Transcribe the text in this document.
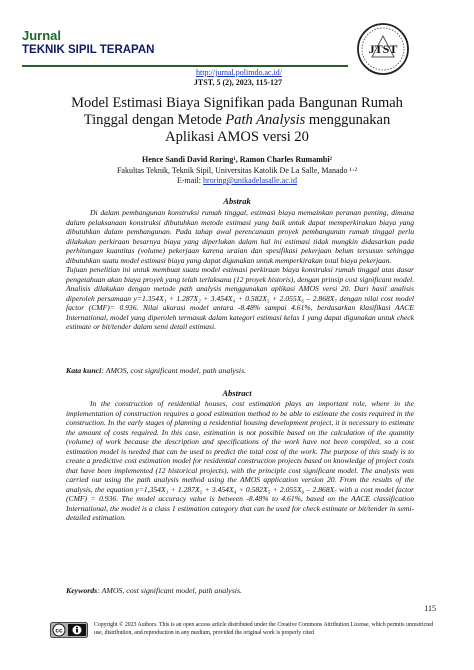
Jurnal
TEKNIK SIPIL TERAPAN	JTST
http://jurnal.polimdo.ac.id/
JTST, 5 (2), 2023, 115-127
Model Estimasi Biaya Signifikan pada Bangunan Rumah
Tinggal dengan Metode Path Analysis menggunakan
Aplikasi AMOS versi 20
Hence Sandi David Roring¹, Ramon Charles Rumambi²
Fakultas Teknik, Teknik Sipil, Universitas Katolik De La Salle, Manado ¹·²
E-mail: hroring@unikadelasalle.ac.id
Abstrak

Di dalam pembangunan konstruksi rumah tinggal, estimasi biaya memainkan peranan penting, dimana dalam pelaksanaan konstruksi dibutuhkan metode estimasi yang baik untuk dapat memperkirakan biaya yang dibutuhkan dalam pembangunan. Pada tahap awal perencanaan proyek pembangunan rumah tinggal perlu dilakukan perkiraan besarnya biaya yang diperlukan dalam hal ini estimasi tidak mungkin didasarkan pada perhitungan kuantitas (volume) pekerjaan karena uraian dan spesifikasi pekerjaan belum tersusun sehingga dibutuhkan suatu model estimasi biaya yang dapat digunakan untuk memperkirakan total biaya pekerjaan.

Tujuan penelitian ini untuk membuat suatu model estimasi perkiraan biaya konstruksi rumah tinggal atas dasar pengetahuan akan biaya proyek yang telah terlaksana (12 proyek historis), dengan prinsip cost significant model. Analisis dilakukan dengan metode path analysis menggunakan aplikasi AMOS versi 20. Dari hasil analisis diperoleh persamaan y=1.354X₁ + 1.287X₂ + 3.454X₄ + 0.582X₅ + 2.055X₆ – 2.868X₇ dengan nilai cost model factor (CMF)= 0.936. Nilai akurasi model antara -8.48% sampai 4.61%, berdasarkan klasifikasi AACE International, model yang diperoleh termasuk dalam kategori estimasi kelas 1 yang dapat digunakan untuk check estimate or bit/tender dalam semi detail estimasi.

Kata kunci: AMOS, cost significant model, path analysis.
Abstract

In the construction of residential houses, cost estimation plays an important role, where in the implementation of construction requires a good estimation method to be able to estimate the costs required in the construction. In the early stages of planning a residential housing development project, it is necessary to estimate the amount of costs required. In this case, estimation is not possible based on the calculation of the quantity (volume) of work because the description and specifications of the work have not been compiled, so a cost estimation model is needed that can be used to predict the total cost of the work. The purpose of this study is to create a predictive cost estimation model for residential construction projects based on knowledge of project costs that have been implemented (12 historical projects), with the principle cost significant model. The analysis was carried out using the path analysis method using the AMOS application version 20. From the results of the analysis, the equation y=1,354X₁ + 1.287X₂ + 3.454X₄ + 0.582X₅ + 2.055X₆ – 2.868X₇ with a cost model factor (CMF) = 0.936. The model accuracy value is between -8.48% to 4.61%, based on the AACE classification International, the model is a class 1 estimation category that can be used for check estimate or bit/tender in semi-detailed estimation.

Keywords: AMOS, cost significant model, path analysis.
115
cc
Copyright © 2023 Authors. This is an open access article distributed under the Creative Commons Attribution License, which permits unrestricted use, distribution, and reproduction in any medium, provided the original work is properly cited
